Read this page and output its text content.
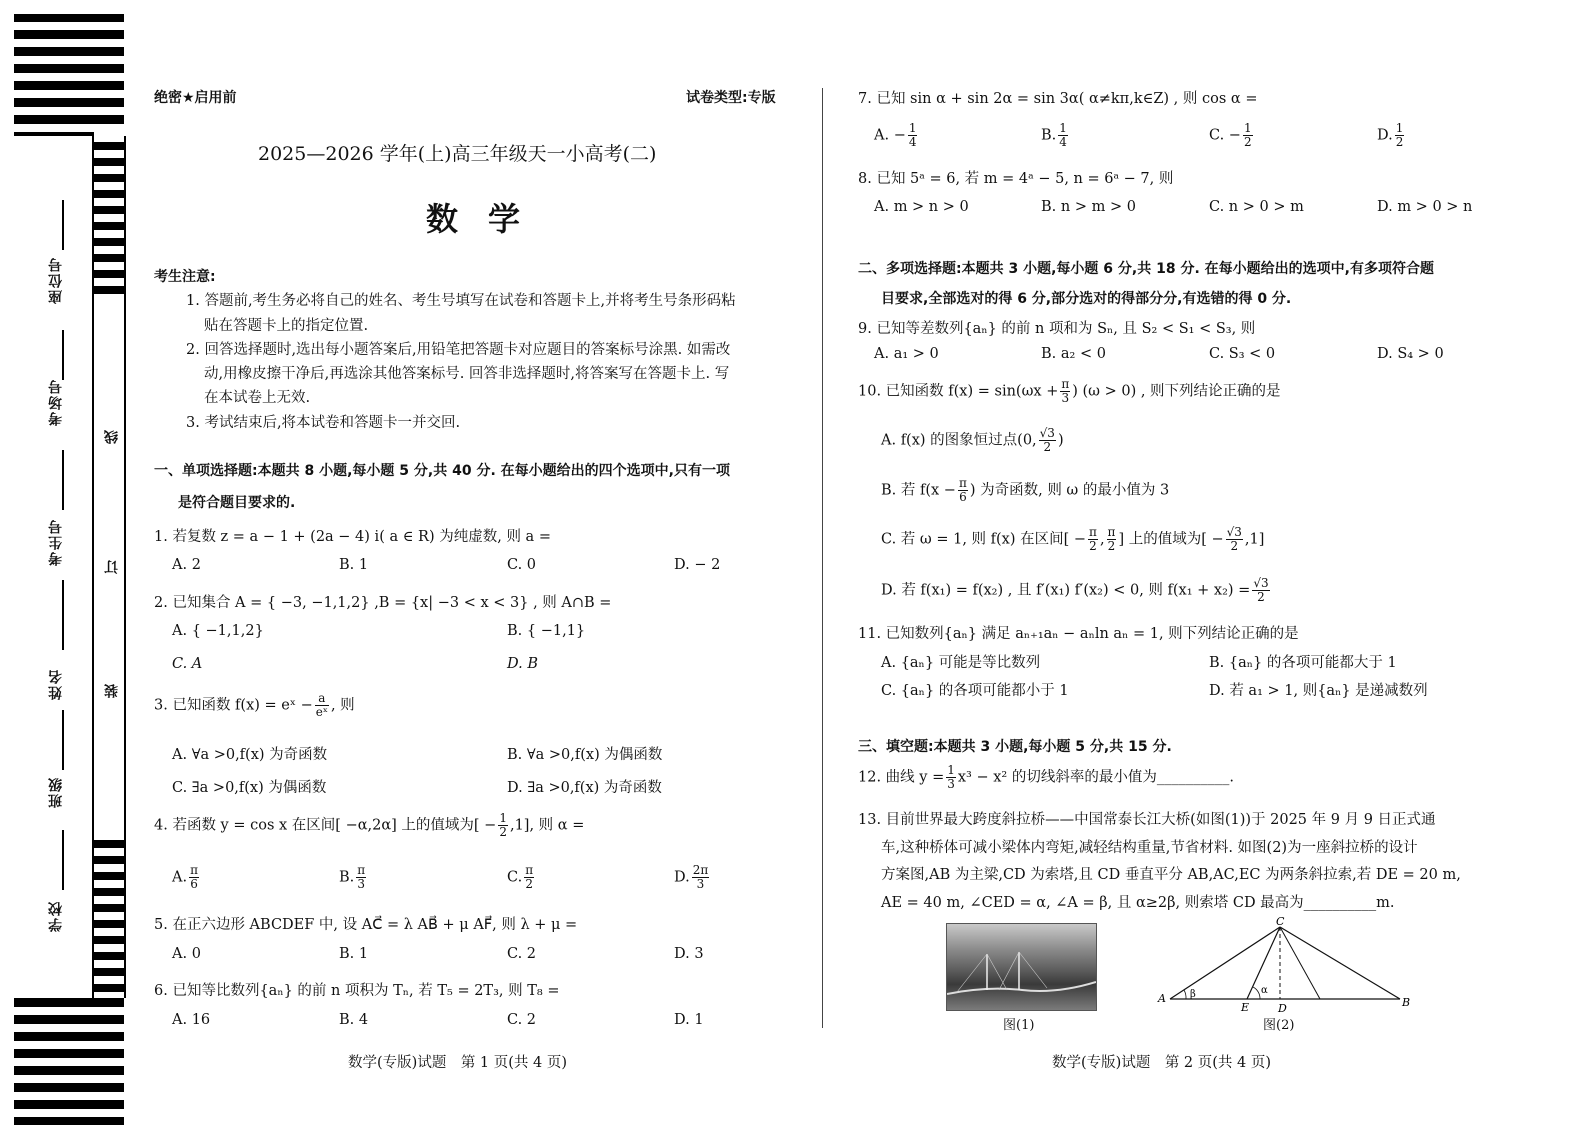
座位号
考场号
考生号
姓名
班级
学校
线
订
装
绝密★启用前	试卷类型:专版
2025—2026 学年(上)高三年级天一小高考(二)
数学
考生注意:
1. 答题前,考生务必将自己的姓名、考生号填写在试卷和答题卡上,并将考生号条形码粘
贴在答题卡上的指定位置.
2. 回答选择题时,选出每小题答案后,用铅笔把答题卡对应题目的答案标号涂黑. 如需改
动,用橡皮擦干净后,再选涂其他答案标号. 回答非选择题时,将答案写在答题卡上. 写
在本试卷上无效.
3. 考试结束后,将本试卷和答题卡一并交回.
一、单项选择题:本题共 8 小题,每小题 5 分,共 40 分. 在每小题给出的四个选项中,只有一项
是符合题目要求的.
1. 若复数 z = a − 1 + (2a − 4) i( a ∈ R) 为纯虚数, 则 a =
A. 2	B. 1	C. 0	D. − 2
2. 已知集合 A = { −3, −1,1,2} ,B = {x| −3 < x < 3} , 则 A∩B =
A. { −1,1,2}	B. { −1,1}
C. A	D. B
3. 已知函数 f(x) = eˣ − $\frac{a}{\text{eˣ}}$ , 则
A. ∀a >0,f(x) 为奇函数	B. ∀a >0,f(x) 为偶函数
C. ∃a >0,f(x) 为偶函数	D. ∃a >0,f(x) 为奇函数
4. 若函数 y = cos x 在区间[ −α,2α] 上的值域为[ − $\frac{1}{2} ,1$], 则 α =
A. $\frac{\pi}{6}$	B. $\frac{\pi}{3}$	C. $\frac{\pi}{2}$	D. $\frac{2\pi}{3}$
5. 在正六边形 ABCDEF 中, 设 AC⃗ = λ AB⃗ + μ AF⃗, 则 λ + μ =
A. 0	B. 1	C. 2	D. 3
6. 已知等比数列{aₙ} 的前 n 项积为 Tₙ, 若 T₅ = 2T₃, 则 T₈ =
A. 16	B. 4	C. 2	D. 1
数学(专版)试题　第 1 页(共 4 页)
7. 已知 sin α + sin 2α = sin 3α( α≠kπ,k∈Z) , 则 cos α =
A. − $\frac{1}{4}$	B. $\frac{1}{4}$	C. − $\frac{1}{2}$	D. $\frac{1}{2}$
8. 已知 5ᵃ = 6, 若 m = 4ᵃ − 5, n = 6ᵃ − 7, 则
A. m > n > 0	B. n > m > 0	C. n > 0 > m	D. m > 0 > n
二、多项选择题:本题共 3 小题,每小题 6 分,共 18 分. 在每小题给出的选项中,有多项符合题
目要求,全部选对的得 6 分,部分选对的得部分分,有选错的得 0 分.
9. 已知等差数列{aₙ} 的前 n 项和为 Sₙ, 且 S₂ < S₁ < S₃, 则
A. a₁ > 0	B. a₂ < 0	C. S₃ < 0	D. S₄ > 0
10. 已知函数 $f(x) = \sin(\omega x + \frac{\pi}{3}$ ) (ω > 0) , 则下列结论正确的是
A. f(x) 的图象恒过点(0, $\frac{√3}{2}$ )
B. 若 $f(x - \frac{\pi}{6}$ ) 为奇函数, 则 ω 的最小值为 3
C. 若 ω = 1, 则 f(x) 在区间[ − $\frac{\pi}{2}$ , $\frac{\pi}{2}$ ] 上的值域为[ − $\frac{√3}{2} ,1$]
D. 若 f(x₁) = f(x₂) , 且 f′(x₁) f′(x₂) < 0, 则 $f(x_1 + x_2) = \frac{√3}{2}$
11. 已知数列{aₙ} 满足 aₙ₊₁aₙ − aₙln aₙ = 1, 则下列结论正确的是
A. {aₙ} 可能是等比数列	B. {aₙ} 的各项可能都大于 1
C. {aₙ} 的各项可能都小于 1	D. 若 a₁ > 1, 则{aₙ} 是递减数列
三、填空题:本题共 3 小题,每小题 5 分,共 15 分.
12. 曲线 $y = \frac{1}{3} x^3 - x^2$ 的切线斜率的最小值为__________.
13. 目前世界最大跨度斜拉桥——中国常泰长江大桥(如图(1))于 2025 年 9 月 9 日正式通
车,这种桥体可减小梁体内弯矩,减轻结构重量,节省材料. 如图(2)为一座斜拉桥的设计
方案图,AB 为主梁,CD 为索塔,且 CD 垂直平分 AB,AC,EC 为两条斜拉索,若 DE = 20 m,
AE = 40 m, ∠CED = α, ∠A = β, 且 α≥2β, 则索塔 CD 最高为__________m.
图(1)
A	B
C
D
E
α
β
图(2)
数学(专版)试题　第 2 页(共 4 页)
